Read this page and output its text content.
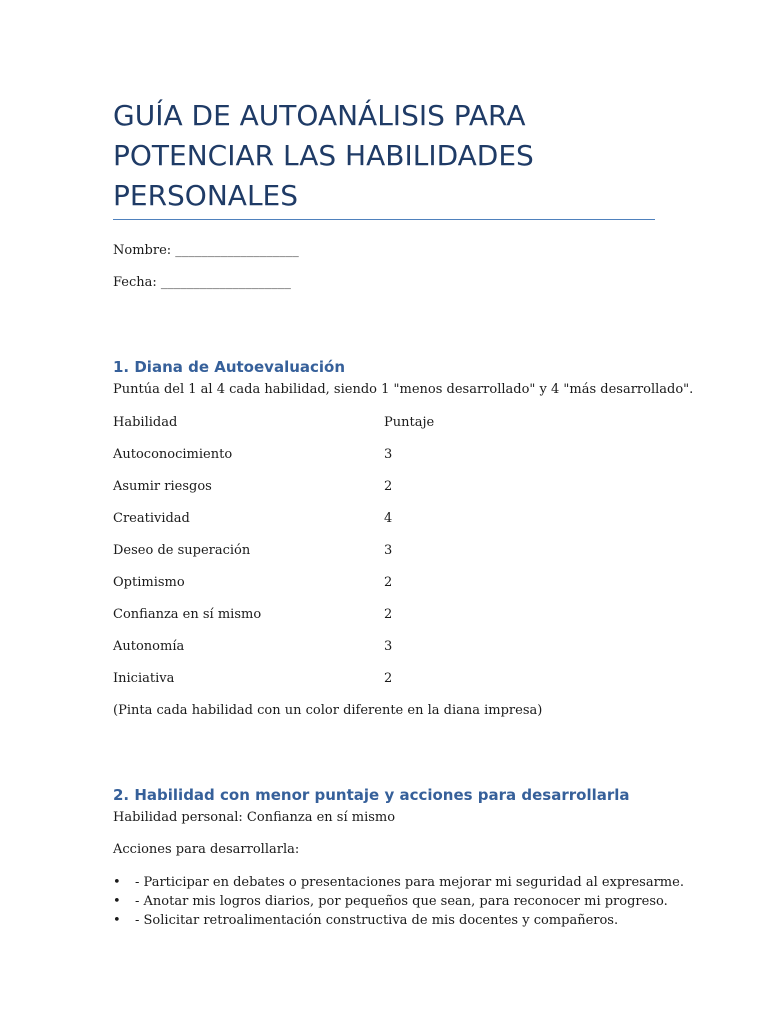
GUÍA DE AUTOANÁLISIS PARA
POTENCIAR LAS HABILIDADES
PERSONALES

Nombre: ___________________

Fecha: ____________________

1. Diana de Autoevaluación

Puntúa del 1 al 4 cada habilidad, siendo 1 "menos desarrollado" y 4 "más desarrollado".

Habilidad	Puntaje
Autoconocimiento	3
Asumir riesgos	2
Creatividad	4
Deseo de superación	3
Optimismo	2
Confianza en sí mismo	2
Autonomía	3
Iniciativa	2

(Pinta cada habilidad con un color diferente en la diana impresa)

2. Habilidad con menor puntaje y acciones para desarrollarla

Habilidad personal: Confianza en sí mismo

Acciones para desarrollarla:

• - Participar en debates o presentaciones para mejorar mi seguridad al expresarme.
• - Anotar mis logros diarios, por pequeños que sean, para reconocer mi progreso.
• - Solicitar retroalimentación constructiva de mis docentes y compañeros.
